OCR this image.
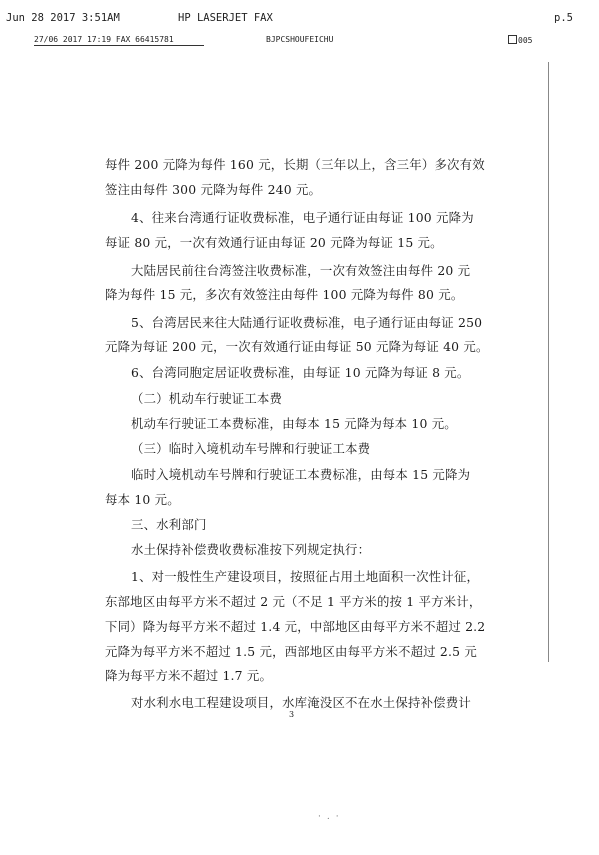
Jun 28 2017 3:51AM	HP LASERJET FAX	p.5
27/06 2017 17:19 FAX 66415781	BJPCSHOUFEICHU	005
每件 200 元降为每件 160 元，长期（三年以上，含三年）多次有效
签注由每件 300 元降为每件 240 元。
4、往来台湾通行证收费标准，电子通行证由每证 100 元降为
每证 80 元，一次有效通行证由每证 20 元降为每证 15 元。
大陆居民前往台湾签注收费标准，一次有效签注由每件 20 元
降为每件 15 元，多次有效签注由每件 100 元降为每件 80 元。
5、台湾居民来往大陆通行证收费标准，电子通行证由每证 250
元降为每证 200 元，一次有效通行证由每证 50 元降为每证 40 元。
6、台湾同胞定居证收费标准，由每证 10 元降为每证 8 元。
（二）机动车行驶证工本费
机动车行驶证工本费标准，由每本 15 元降为每本 10 元。
（三）临时入境机动车号牌和行驶证工本费
临时入境机动车号牌和行驶证工本费标准，由每本 15 元降为
每本 10 元。
三、水利部门
水土保持补偿费收费标准按下列规定执行：
1、对一般性生产建设项目，按照征占用土地面积一次性计征，
东部地区由每平方米不超过 2 元（不足 1 平方米的按 1 平方米计，
下同）降为每平方米不超过 1.4 元，中部地区由每平方米不超过 2.2
元降为每平方米不超过 1.5 元，西部地区由每平方米不超过 2.5 元
降为每平方米不超过 1.7 元。
对水利水电工程建设项目，水库淹没区不在水土保持补偿费计
3
·.·
